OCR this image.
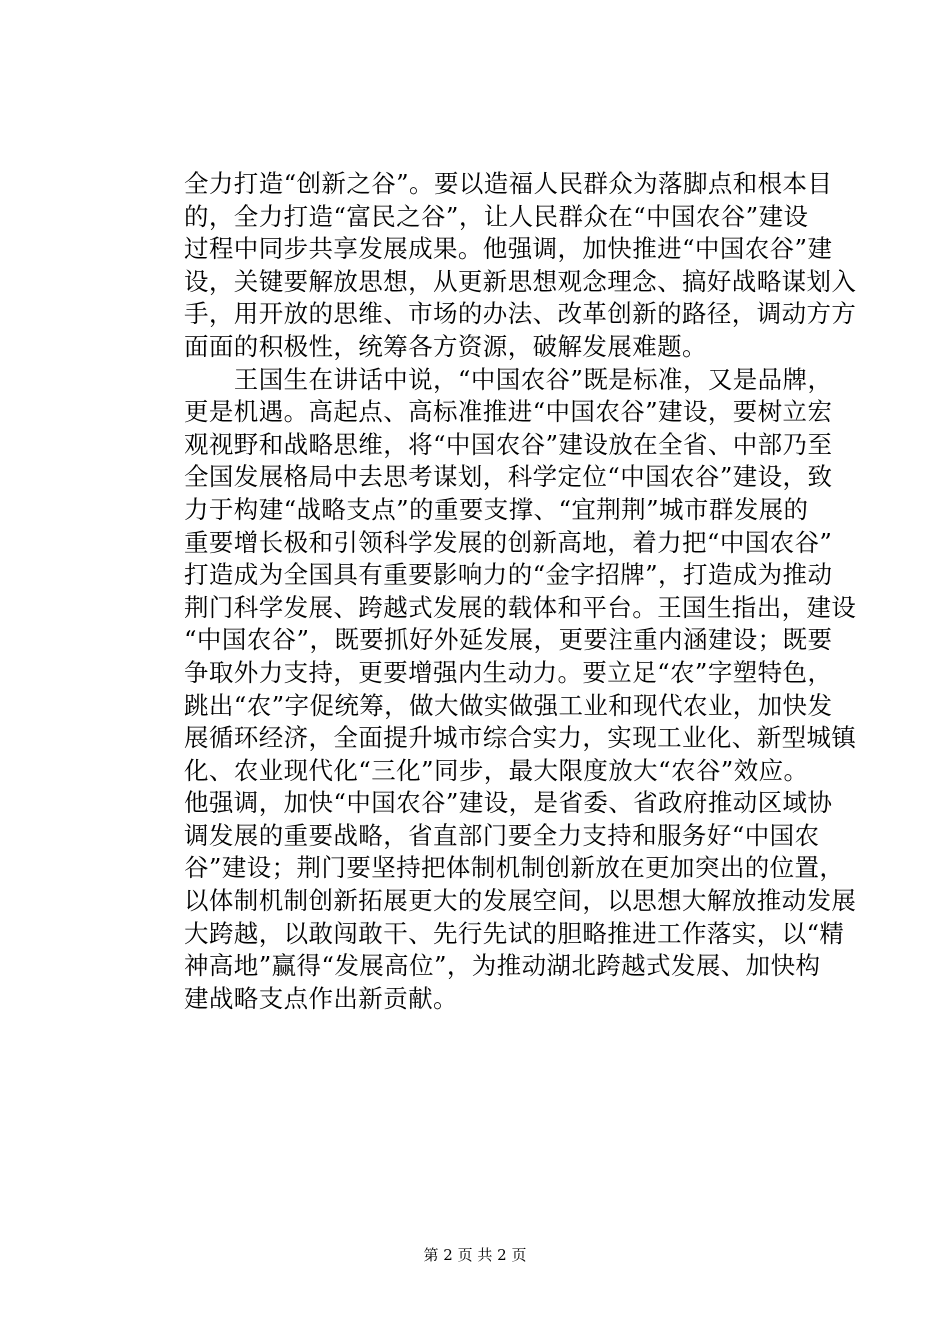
全力打造“创新之谷”。要以造福人民群众为落脚点和根本目
的，全力打造“富民之谷”，让人民群众在“中国农谷”建设
过程中同步共享发展成果。他强调，加快推进“中国农谷”建
设，关键要解放思想，从更新思想观念理念、搞好战略谋划入
手，用开放的思维、市场的办法、改革创新的路径，调动方方
面面的积极性，统筹各方资源，破解发展难题。
　　王国生在讲话中说，“中国农谷”既是标准，又是品牌，
更是机遇。高起点、高标准推进“中国农谷”建设，要树立宏
观视野和战略思维，将“中国农谷”建设放在全省、中部乃至
全国发展格局中去思考谋划，科学定位“中国农谷”建设，致
力于构建“战略支点”的重要支撑、“宜荆荆”城市群发展的
重要增长极和引领科学发展的创新高地，着力把“中国农谷”
打造成为全国具有重要影响力的“金字招牌”，打造成为推动
荆门科学发展、跨越式发展的载体和平台。王国生指出，建设
“中国农谷”，既要抓好外延发展，更要注重内涵建设；既要
争取外力支持，更要增强内生动力。要立足“农”字塑特色，
跳出“农”字促统筹，做大做实做强工业和现代农业，加快发
展循环经济，全面提升城市综合实力，实现工业化、新型城镇
化、农业现代化“三化”同步，最大限度放大“农谷”效应。
他强调，加快“中国农谷”建设，是省委、省政府推动区域协
调发展的重要战略，省直部门要全力支持和服务好“中国农
谷”建设；荆门要坚持把体制机制创新放在更加突出的位置，
以体制机制创新拓展更大的发展空间，以思想大解放推动发展
大跨越，以敢闯敢干、先行先试的胆略推进工作落实，以“精
神高地”赢得“发展高位”，为推动湖北跨越式发展、加快构
建战略支点作出新贡献。
第 2 页 共 2 页
